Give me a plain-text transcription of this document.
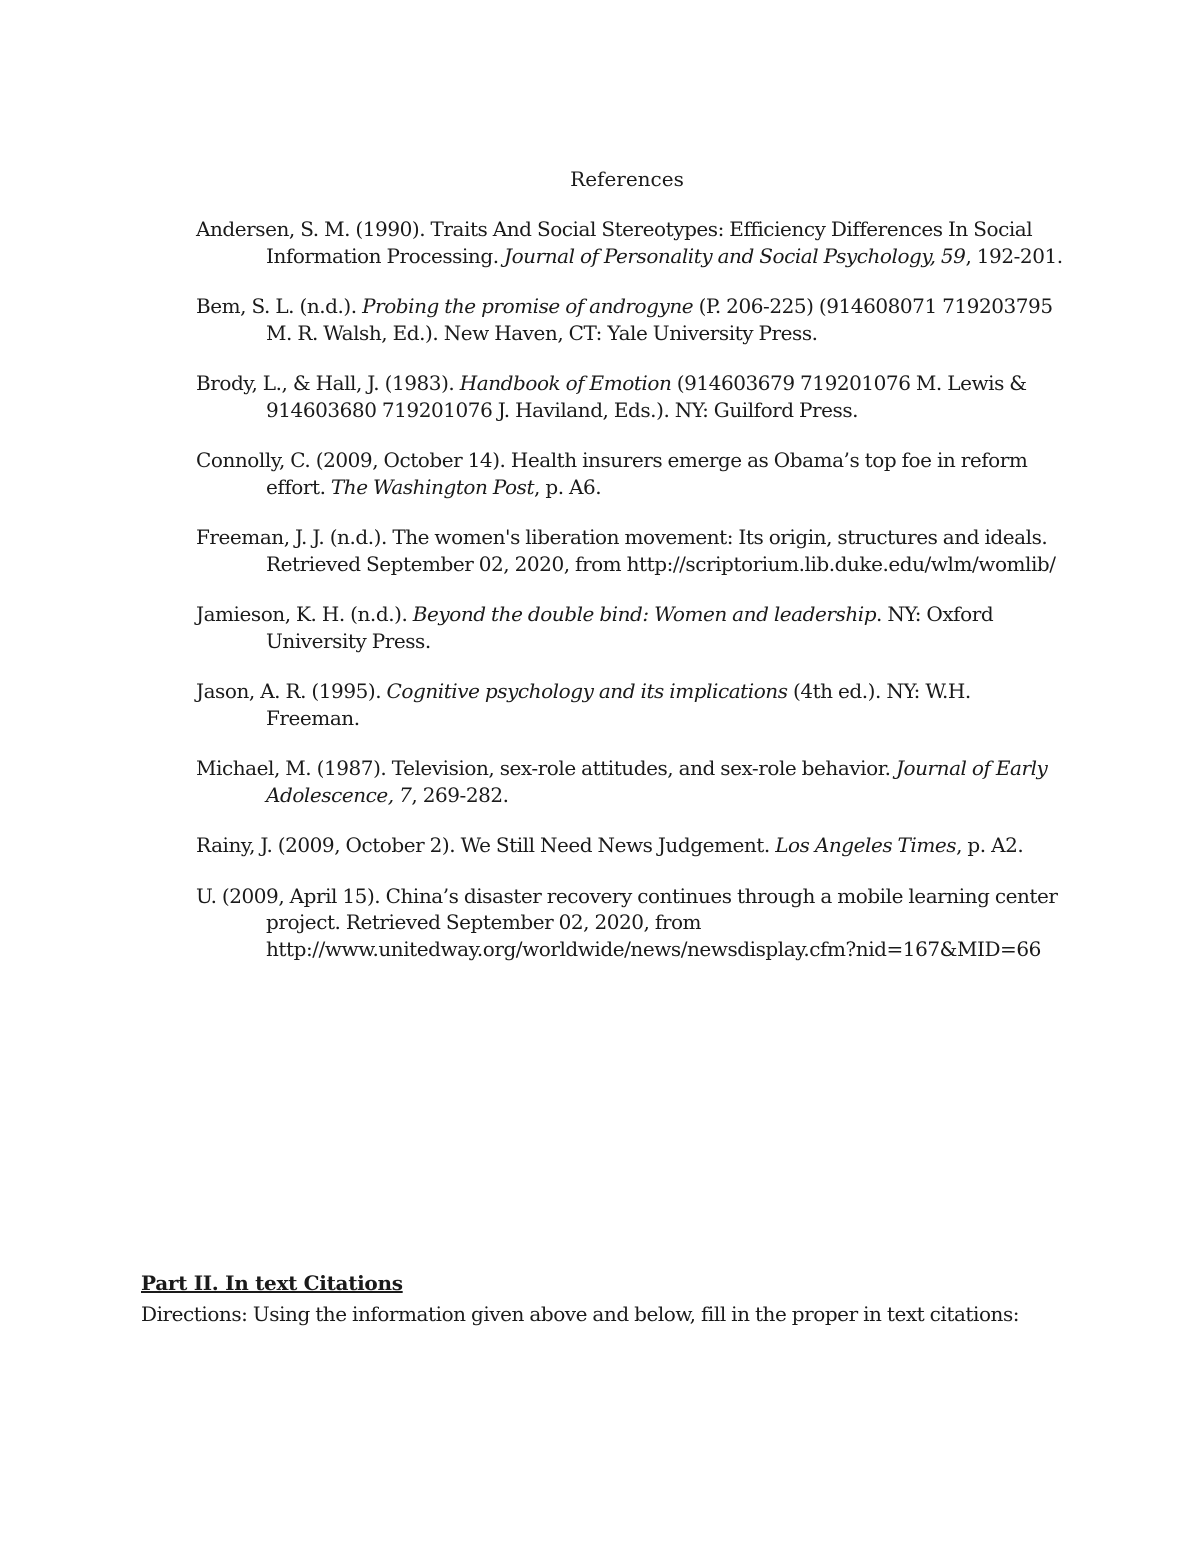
References

Andersen, S. M. (1990). Traits And Social Stereotypes: Efficiency Differences In Social Information Processing. Journal of Personality and Social Psychology, 59, 192-201.

Bem, S. L. (n.d.). Probing the promise of androgyne (P. 206-225) (914608071 719203795 M. R. Walsh, Ed.). New Haven, CT: Yale University Press.

Brody, L., & Hall, J. (1983). Handbook of Emotion (914603679 719201076 M. Lewis & 914603680 719201076 J. Haviland, Eds.). NY: Guilford Press.

Connolly, C. (2009, October 14). Health insurers emerge as Obama’s top foe in reform effort. The Washington Post, p. A6.

Freeman, J. J. (n.d.). The women's liberation movement: Its origin, structures and ideals. Retrieved September 02, 2020, from http://scriptorium.lib.duke.edu/wlm/womlib/

Jamieson, K. H. (n.d.). Beyond the double bind: Women and leadership. NY: Oxford University Press.

Jason, A. R. (1995). Cognitive psychology and its implications (4th ed.). NY: W.H. Freeman.

Michael, M. (1987). Television, sex-role attitudes, and sex-role behavior. Journal of Early Adolescence, 7, 269-282.

Rainy, J. (2009, October 2). We Still Need News Judgement. Los Angeles Times, p. A2.

U. (2009, April 15). China’s disaster recovery continues through a mobile learning center project. Retrieved September 02, 2020, from http://www.unitedway.org/worldwide/news/newsdisplay.cfm?nid=167&MID=66

Part II. In text Citations
Directions: Using the information given above and below, fill in the proper in text citations:
